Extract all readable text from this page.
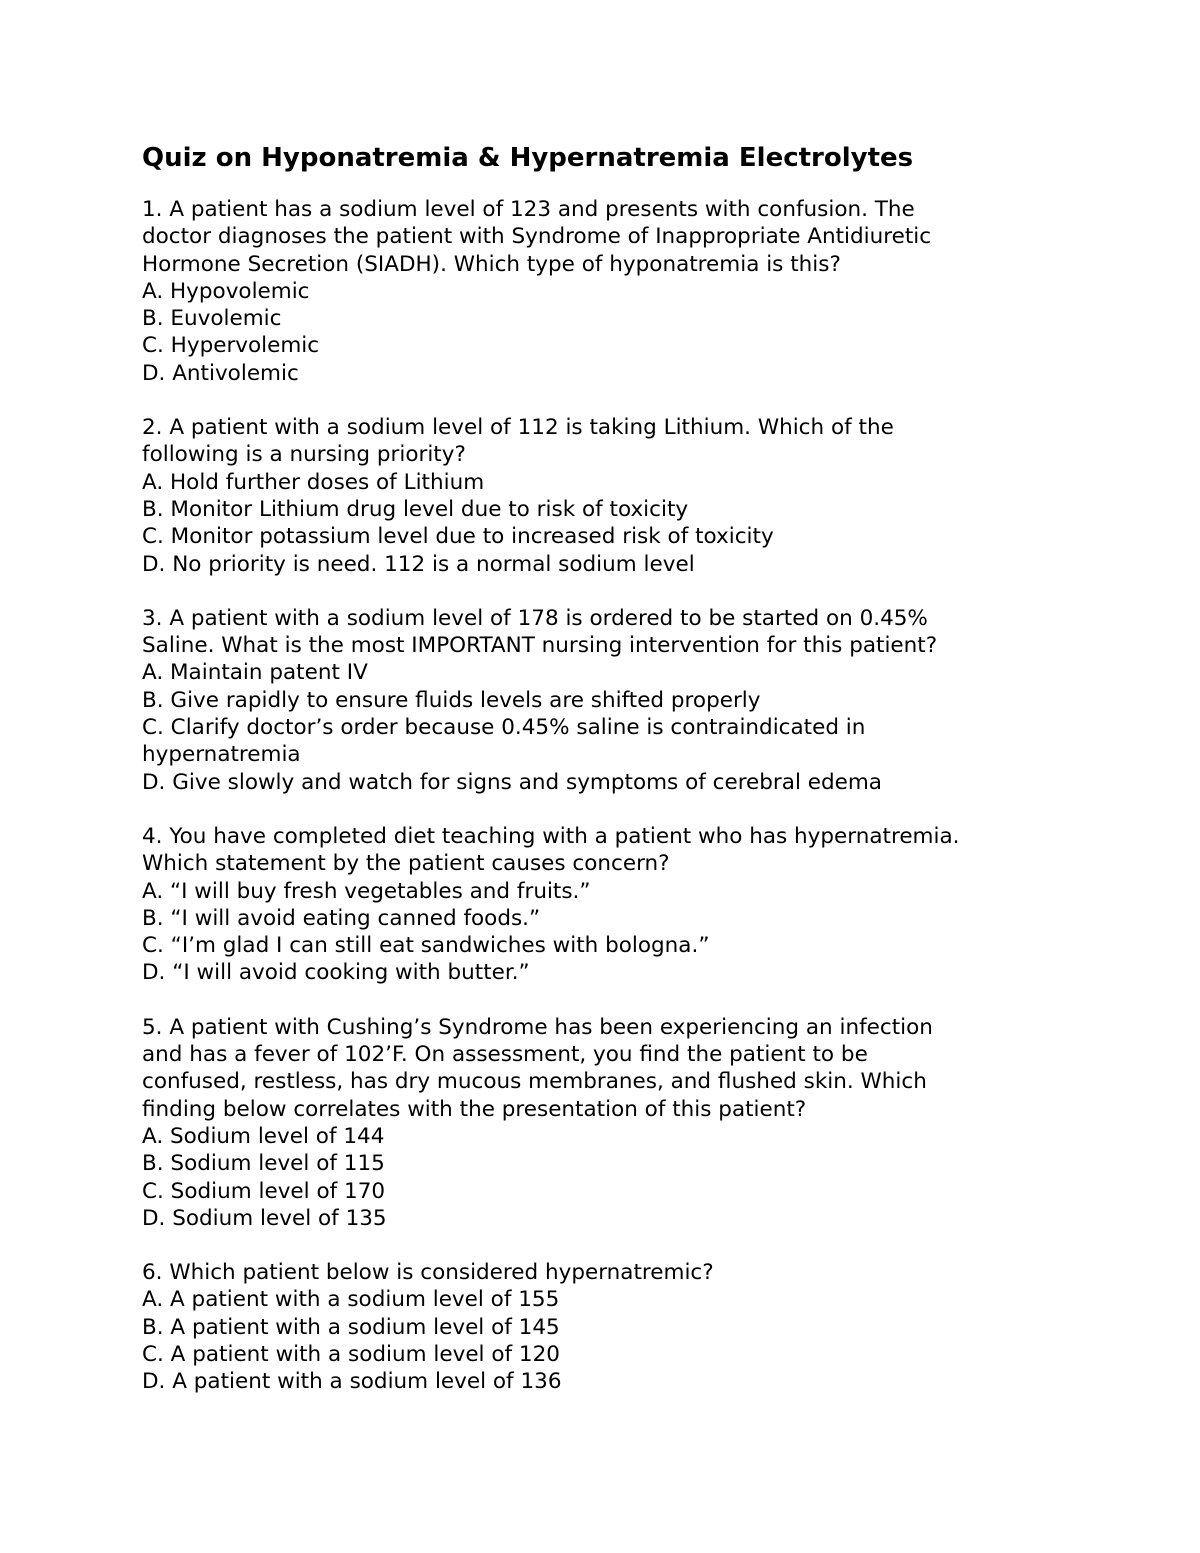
Quiz on Hyponatremia & Hypernatremia Electrolytes

1. A patient has a sodium level of 123 and presents with confusion. The

doctor diagnoses the patient with Syndrome of Inappropriate Antidiuretic

Hormone Secretion (SIADH). Which type of hyponatremia is this?

A. Hypovolemic

B. Euvolemic

C. Hypervolemic

D. Antivolemic

2. A patient with a sodium level of 112 is taking Lithium. Which of the

following is a nursing priority?

A. Hold further doses of Lithium

B. Monitor Lithium drug level due to risk of toxicity

C. Monitor potassium level due to increased risk of toxicity

D. No priority is need. 112 is a normal sodium level

3. A patient with a sodium level of 178 is ordered to be started on 0.45%

Saline. What is the most IMPORTANT nursing intervention for this patient?

A. Maintain patent IV

B. Give rapidly to ensure fluids levels are shifted properly

C. Clarify doctor’s order because 0.45% saline is contraindicated in

hypernatremia

D. Give slowly and watch for signs and symptoms of cerebral edema

4. You have completed diet teaching with a patient who has hypernatremia.

Which statement by the patient causes concern?

A. “I will buy fresh vegetables and fruits.”

B. “I will avoid eating canned foods.”

C. “I’m glad I can still eat sandwiches with bologna.”

D. “I will avoid cooking with butter.”

5. A patient with Cushing’s Syndrome has been experiencing an infection

and has a fever of 102’F. On assessment, you find the patient to be

confused, restless, has dry mucous membranes, and flushed skin. Which

finding below correlates with the presentation of this patient?

A. Sodium level of 144

B. Sodium level of 115

C. Sodium level of 170

D. Sodium level of 135

6. Which patient below is considered hypernatremic?

A. A patient with a sodium level of 155

B. A patient with a sodium level of 145

C. A patient with a sodium level of 120

D. A patient with a sodium level of 136
